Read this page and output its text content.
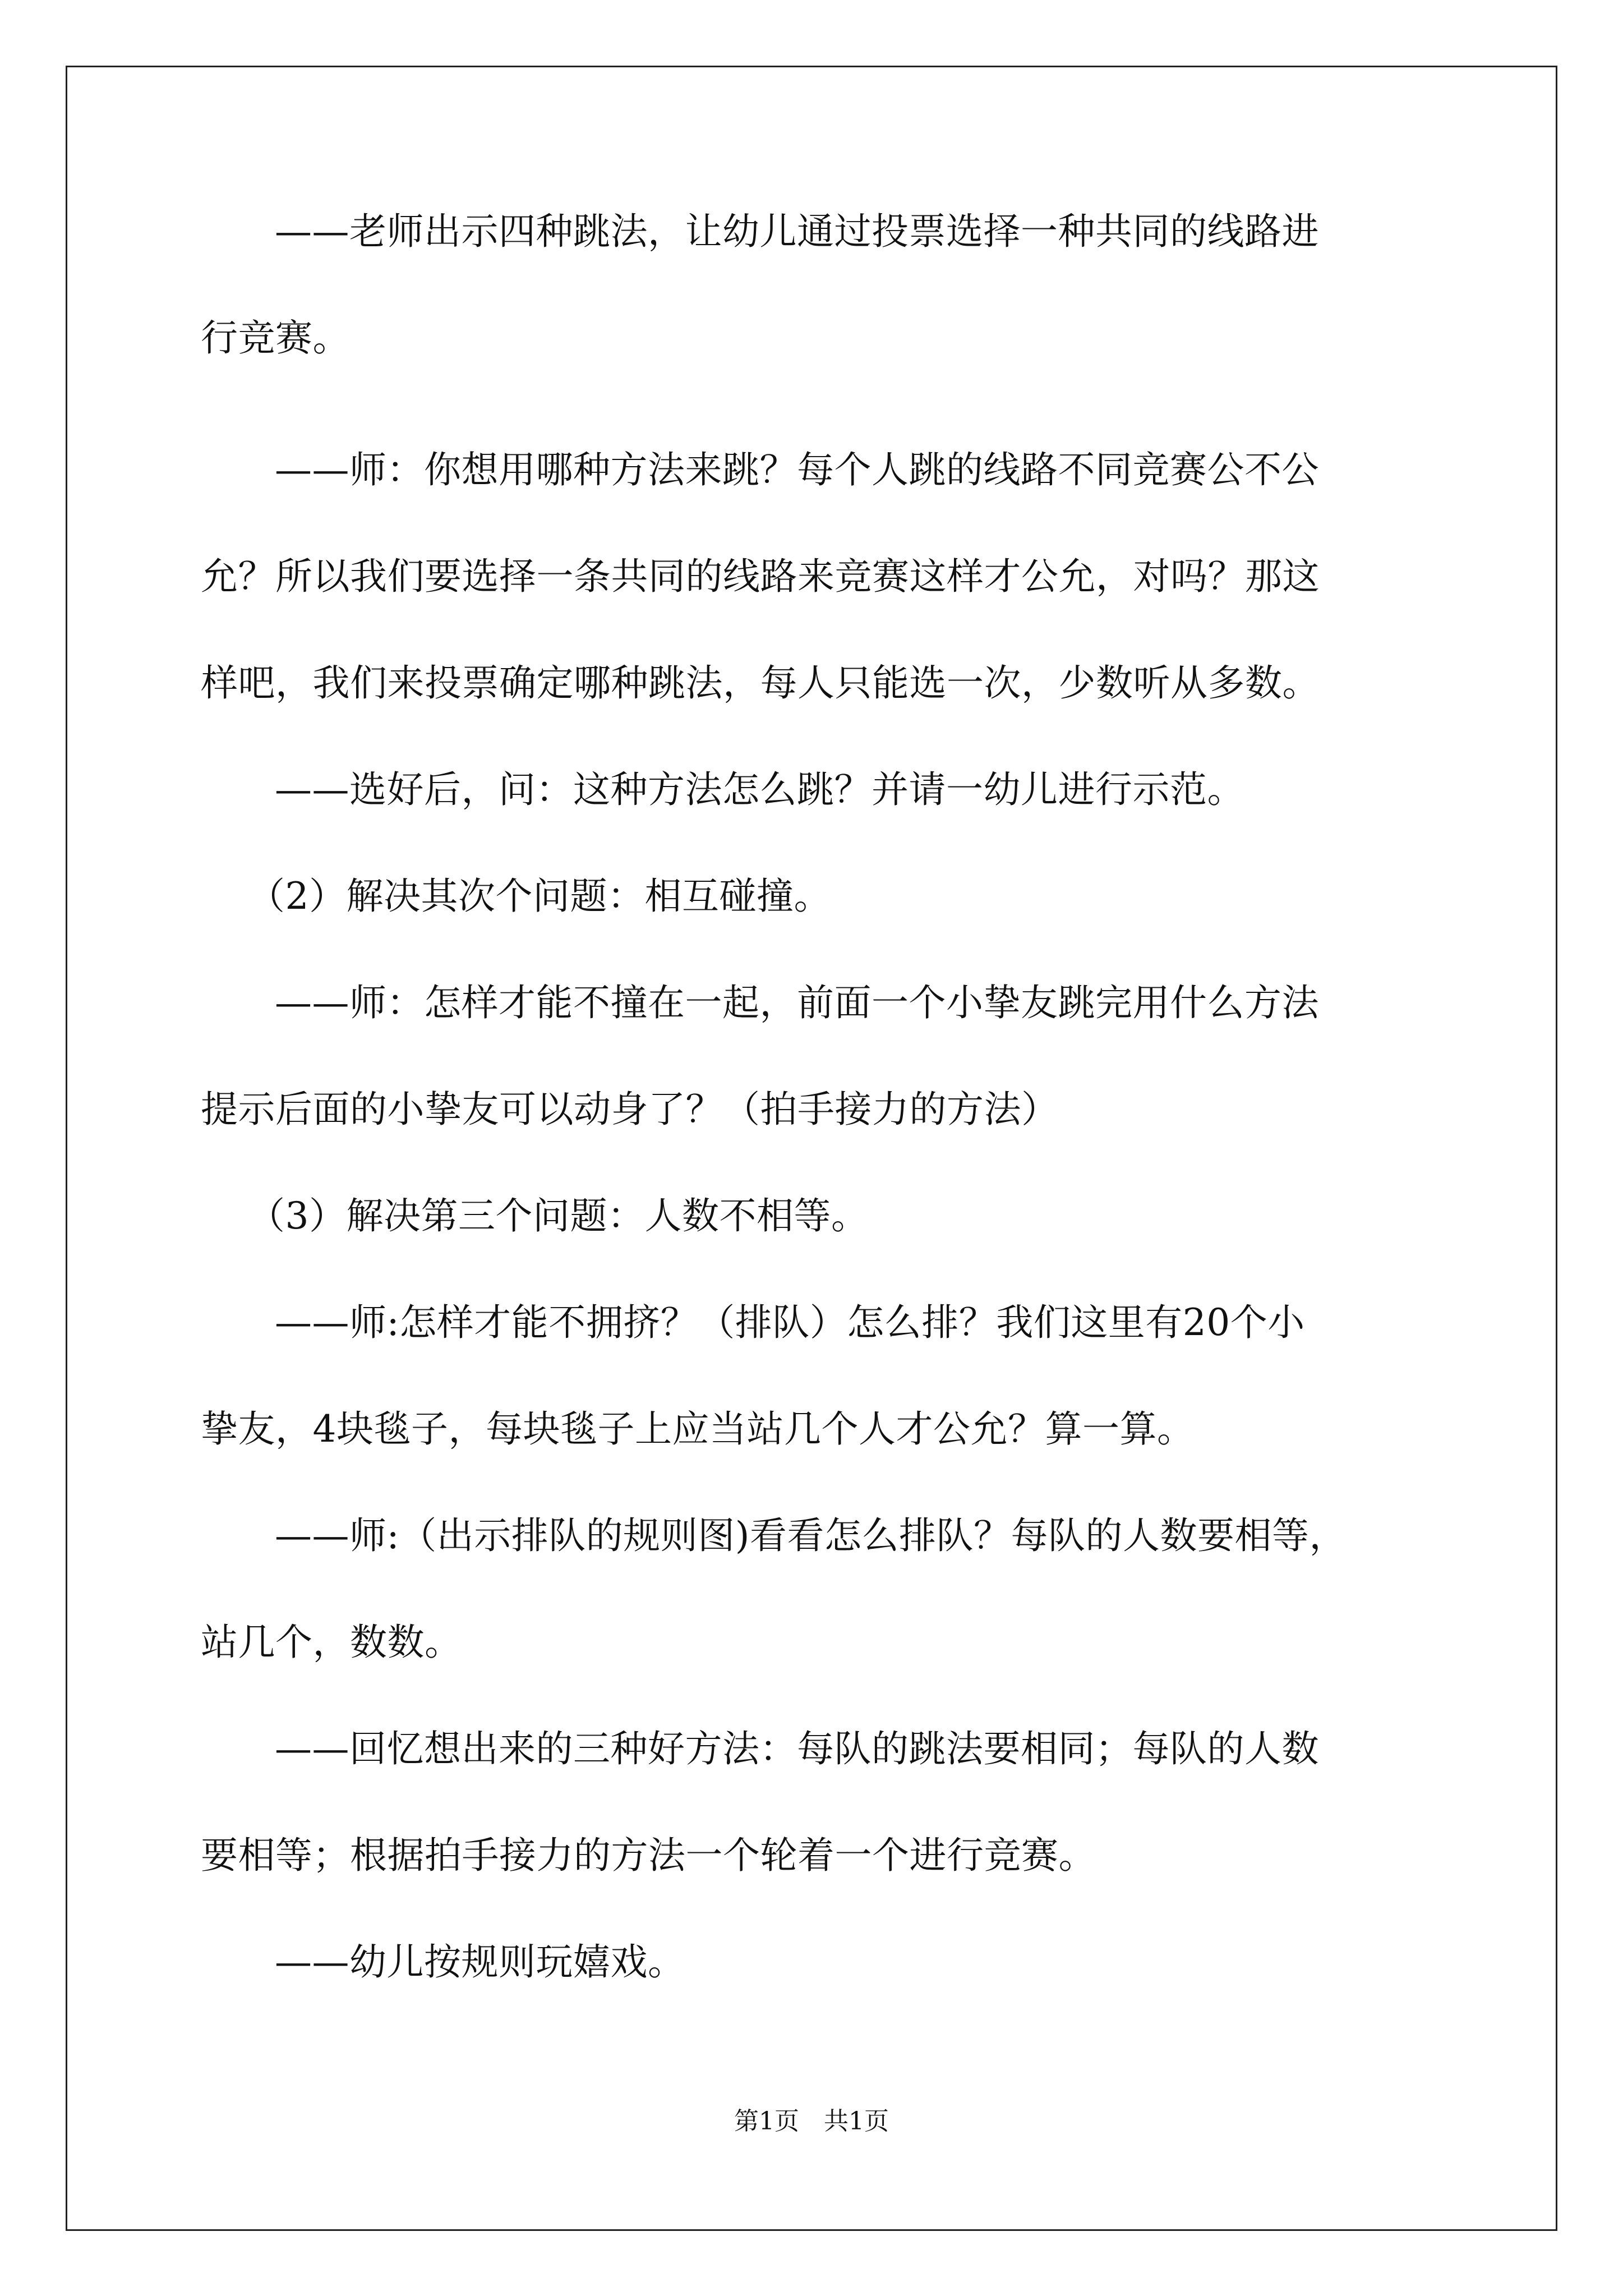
——老师出示四种跳法，让幼儿通过投票选择一种共同的线路进
行竞赛。
——师：你想用哪种方法来跳？每个人跳的线路不同竞赛公不公
允？所以我们要选择一条共同的线路来竞赛这样才公允，对吗？那这
样吧，我们来投票确定哪种跳法，每人只能选一次，少数听从多数。
——选好后，问：这种方法怎么跳？并请一幼儿进行示范。
（2）解决其次个问题：相互碰撞。
——师：怎样才能不撞在一起，前面一个小挚友跳完用什么方法
提示后面的小挚友可以动身了？（拍手接力的方法）
（3）解决第三个问题：人数不相等。
——师:怎样才能不拥挤？（排队）怎么排？我们这里有20个小
挚友，4块毯子，每块毯子上应当站几个人才公允？算一算。
——师:（出示排队的规则图)看看怎么排队？每队的人数要相等，
站几个，数数。
——回忆想出来的三种好方法：每队的跳法要相同；每队的人数
要相等；根据拍手接力的方法一个轮着一个进行竞赛。
——幼儿按规则玩嬉戏。
第1页　共1页
